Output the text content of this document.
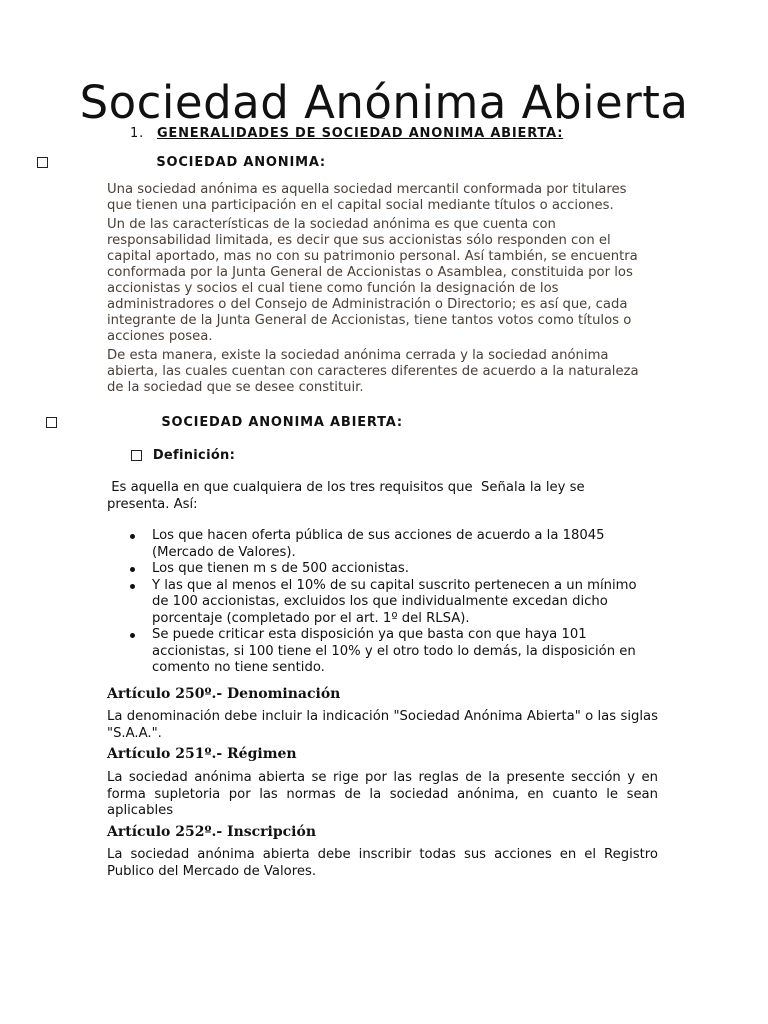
Sociedad Anónima Abierta
1. GENERALIDADES DE SOCIEDAD ANONIMA ABIERTA:
SOCIEDAD ANONIMA:

Una sociedad anónima es aquella sociedad mercantil conformada por titulares que tienen una participación en el capital social mediante títulos o acciones.

Un de las características de la sociedad anónima es que cuenta con responsabilidad limitada, es decir que sus accionistas sólo responden con el capital aportado, mas no con su patrimonio personal. Así también, se encuentra conformada por la Junta General de Accionistas o Asamblea, constituida por los accionistas y socios el cual tiene como función la designación de los administradores o del Consejo de Administración o Directorio; es así que, cada integrante de la Junta General de Accionistas, tiene tantos votos como títulos o acciones posea.

De esta manera, existe la sociedad anónima cerrada y la sociedad anónima abierta, las cuales cuentan con caracteres diferentes de acuerdo a la naturaleza de la sociedad que se desee constituir.

SOCIEDAD ANONIMA ABIERTA:
Definición:

Es aquella en que cualquiera de los tres requisitos que  Señala la ley se presenta. Así:

Los que hacen oferta pública de sus acciones de acuerdo a la 18045 (Mercado de Valores).
Los que tienen m s de 500 accionistas.
Y las que al menos el 10% de su capital suscrito pertenecen a un mínimo de 100 accionistas, excluidos los que individualmente excedan dicho porcentaje (completado por el art. 1º del RLSA).
Se puede criticar esta disposición ya que basta con que haya 101 accionistas, si 100 tiene el 10% y el otro todo lo demás, la disposición en comento no tiene sentido.

Artículo 250º.- Denominación

La denominación debe incluir la indicación "Sociedad Anónima Abierta" o las siglas "S.A.A.".

Artículo 251º.- Régimen

La sociedad anónima abierta se rige por las reglas de la presente sección y en forma supletoria por las normas de la sociedad anónima, en cuanto le sean aplicables

Artículo 252º.- Inscripción

La sociedad anónima abierta debe inscribir todas sus acciones en el Registro Publico del Mercado de Valores.
